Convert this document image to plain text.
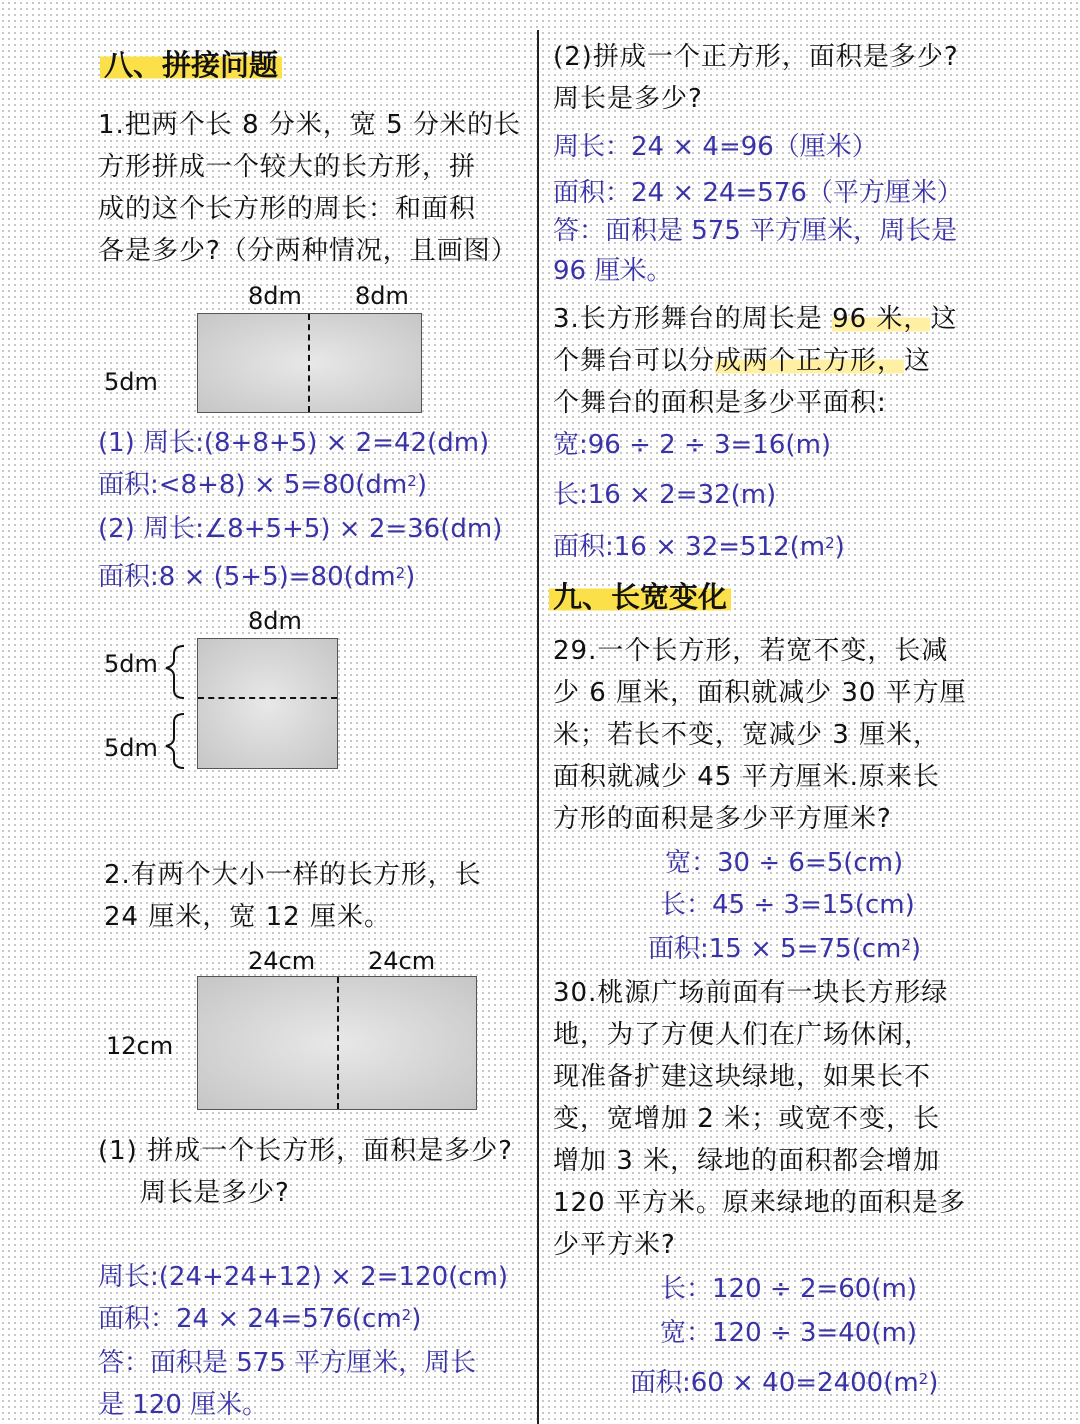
八、拼接问题
1.把两个长 8 分米，宽 5 分米的长
方形拼成一个较大的长方形，拼
成的这个长方形的周长：和面积
各是多少?（分两种情况，且画图）
8dm 8dm
5dm
(1) 周长:(8+8+5) × 2=42(dm)
面积:<8+8) × $5=80(dm^2)$
(2) 周长:∠8+5+5) × 2=36(dm)
面积:8 × $(5+5)=80(dm^2)$
8dm
5dm
5dm
2.有两个大小一样的长方形，长
24 厘米，宽 12 厘米。
24cm 24cm
12cm
(1) 拼成一个长方形，面积是多少?
周长是多少?
周长:(24+24+12) × 2=120(cm)
面积：$24 \times 24=576(cm^2)$
答：面积是 575 平方厘米，周长
是 120 厘米。
(2)拼成一个正方形，面积是多少?
周长是多少?
周长：24 × 4=96（厘米）
面积：24 × 24=576（平方厘米）
答：面积是 575 平方厘米，周长是
96 厘米。
3.长方形舞台的周长是 96 米，这
个舞台可以分成两个正方形，这
个舞台的面积是多少平面积:
宽:96 ÷ 2 ÷ 3=16(m)
长:16 × 2=32(m)
面积:16 × $32=512(m^2)$
九、长宽变化
29.一个长方形，若宽不变，长减
少 6 厘米，面积就减少 30 平方厘
米；若长不变，宽减少 3 厘米，
面积就减少 45 平方厘米.原来长
方形的面积是多少平方厘米?
宽：30 ÷ 6=5(cm)
长：45 ÷ 3=15(cm)
面积:15 × $5=75(cm^2)$
30.桃源广场前面有一块长方形绿
地，为了方便人们在广场休闲，
现准备扩建这块绿地，如果长不
变，宽增加 2 米；或宽不变，长
增加 3 米，绿地的面积都会增加
120 平方米。原来绿地的面积是多
少平方米?
长：120 ÷ 2=60(m)
宽：120 ÷ 3=40(m)
面积:60 × $40=2400(m^2)$
